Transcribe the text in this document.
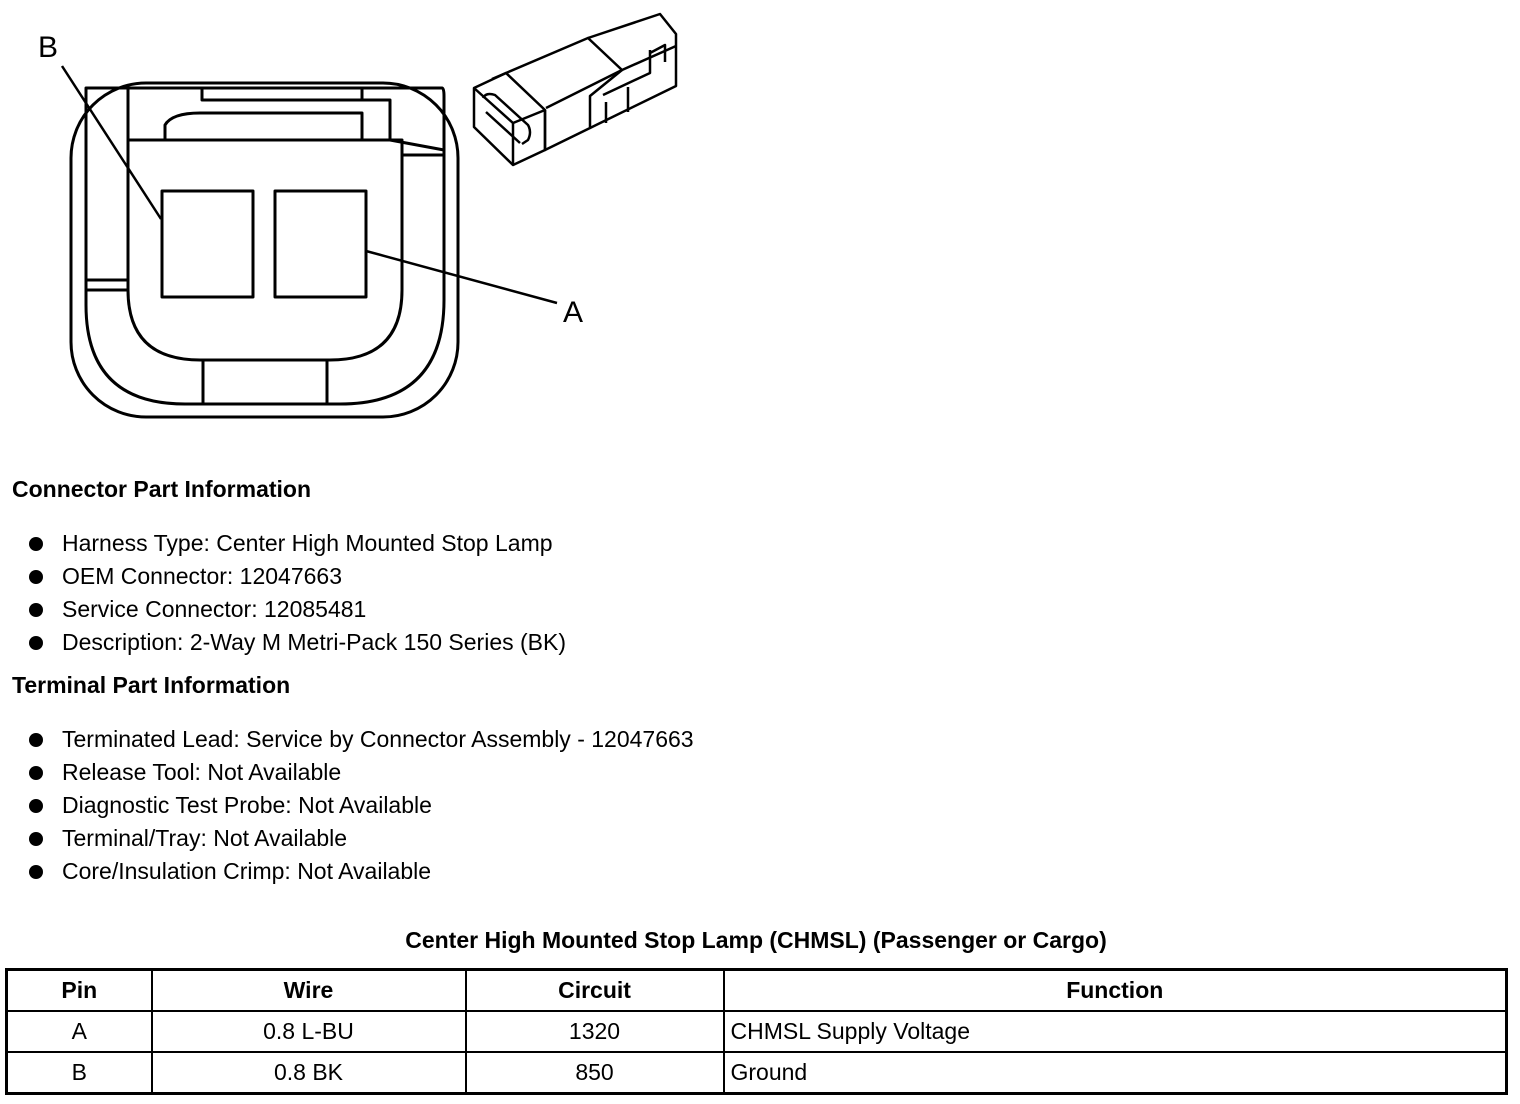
B
A
Connector Part Information
Harness Type: Center High Mounted Stop Lamp
OEM Connector: 12047663
Service Connector: 12085481
Description: 2-Way M Metri-Pack 150 Series (BK)
Terminal Part Information
Terminated Lead: Service by Connector Assembly - 12047663
Release Tool: Not Available
Diagnostic Test Probe: Not Available
Terminal/Tray: Not Available
Core/Insulation Crimp: Not Available
Center High Mounted Stop Lamp (CHMSL) (Passenger or Cargo)
Pin	Wire	Circuit	Function
A	0.8 L-BU	1320	CHMSL Supply Voltage
B	0.8 BK	850	Ground
